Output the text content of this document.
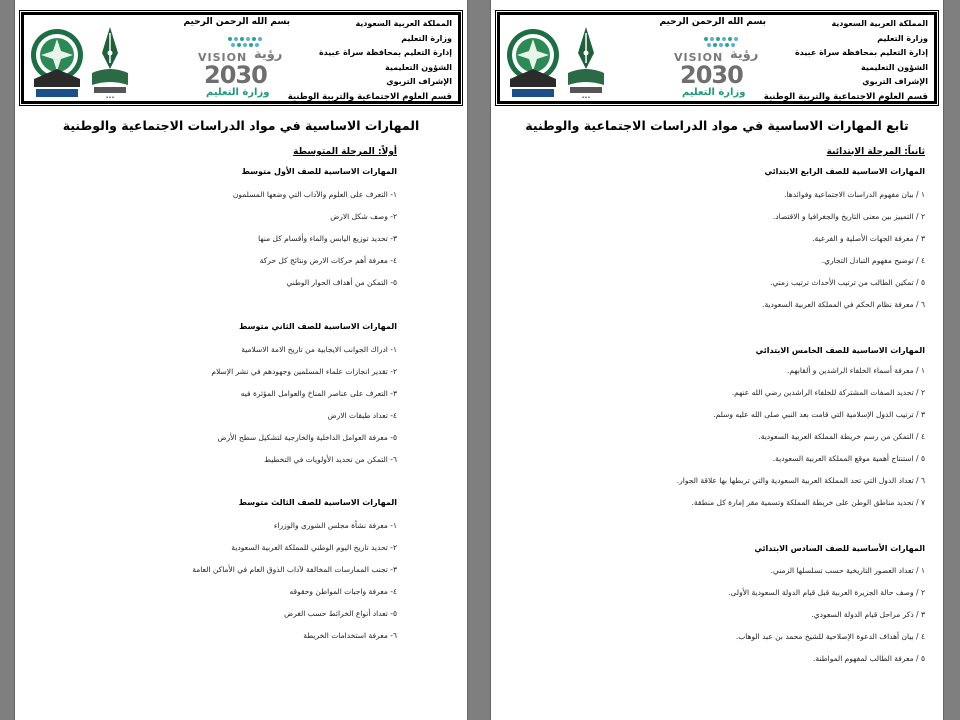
بسم الله الرحمن الرحيم	المملكة العربية السعودية
وزارة التعليم
إدارة التعليم بمحافظة سراة عبيدة
الشؤون التعليمية
الإشراف التربوي
قسم العلوم الاجتماعية والتربية الوطنية
VISION رؤية
2030
وزارة التعليم
•••
المهارات الاساسية في مواد الدراسات الاجتماعية والوطنية
أولاً: المرحلة المتوسطة
المهارات الاساسية للصف الأول متوسط
١- التعرف على العلوم والآداب التي وضعها المسلمون
٢- وصف شكل الارض
٣- تحديد توزيع اليابس والماء وأقسام كل منها
٤- معرفة أهم حركات الارض ونتائج كل حركة
٥- التمكن من أهداف الحوار الوطني
المهارات الاساسية للصف الثاني متوسط
١- ادراك الجوانب الايجابية من تاريخ الامة الاسلامية
٢- تقدير انجازات علماء المسلمين وجهودهم في نشر الإسلام
٣- التعرف على عناصر المناخ والعوامل المؤثرة فيه
٤- تعداد طبقات الارض
٥- معرفة العوامل الداخلية والخارجية لتشكيل سطح الأرض
٦- التمكن من تحديد الأولويات في التخطيط
المهارات الاساسية للصف الثالث متوسط
١- معرفة نشأة مجلس الشورى والوزراء
٢- تحديد تاريخ اليوم الوطني للمملكة العربية السعودية
٣- تجنب الممارسات المخالفة لآداب الذوق العام في الأماكن العامة
٤- معرفة واجبات المواطن وحقوقه
٥- تعداد أنواع الخرائط حسب الغرض
٦- معرفة استخدامات الخريطة
بسم الله الرحمن الرحيم	المملكة العربية السعودية
وزارة التعليم
إدارة التعليم بمحافظة سراة عبيدة
الشؤون التعليمية
الإشراف التربوي
قسم العلوم الاجتماعية والتربية الوطنية
VISION رؤية
2030
وزارة التعليم
•••
تابع المهارات الاساسية في مواد الدراسات الاجتماعية والوطنية
ثانياً: المرحلة الابتدائية
المهارات الاساسية للصف الرابع الابتدائي
١ / بيان مفهوم الدراسات الاجتماعية وفوائدها.
٢ / التمييز بين معنى التاريخ والجغرافيا و الاقتصاد.
٣ / معرفة الجهات الأصلية و الفرعية.
٤ / توضيح مفهوم التبادل التجاري.
٥ / تمكين الطالب من ترتيب الأحداث ترتيب زمني.
٦ / معرفة نظام الحكم في المملكة العربية السعودية.
المهارات الاساسية للصف الخامس الابتدائي
١ / معرفة أسماء الخلفاء الراشدين و ألقابهم.
٢ / تحديد الصفات المشتركة للخلفاء الراشدين رضي الله عنهم.
٣ / ترتيب الدول الإسلامية التي قامت بعد النبي صلى الله عليه وسلم.
٤ / التمكن من رسم خريطة المملكة العربية السعودية.
٥ / استنتاج أهمية موقع المملكة العربية السعودية.
٦ / تعداد الدول التي تحد المملكة العربية السعودية والتي تربطها بها علاقة الجوار.
٧ / تحديد مناطق الوطن على خريطة المملكة وتسمية مقر إمارة كل منطقة.
المهارات الأساسية للصف السادس الابتدائي
١ / تعداد العصور التاريخية حسب تسلسلها الزمني.
٢ / وصف حالة الجزيرة العربية قبل قيام الدولة السعودية الأولى.
٣ / ذكر مراحل قيام الدولة السعودي.
٤ / بيان أهداف الدعوة الإصلاحية للشيخ محمد بن عبد الوهاب.
٥ / معرفة الطالب لمفهوم المواطنة.
